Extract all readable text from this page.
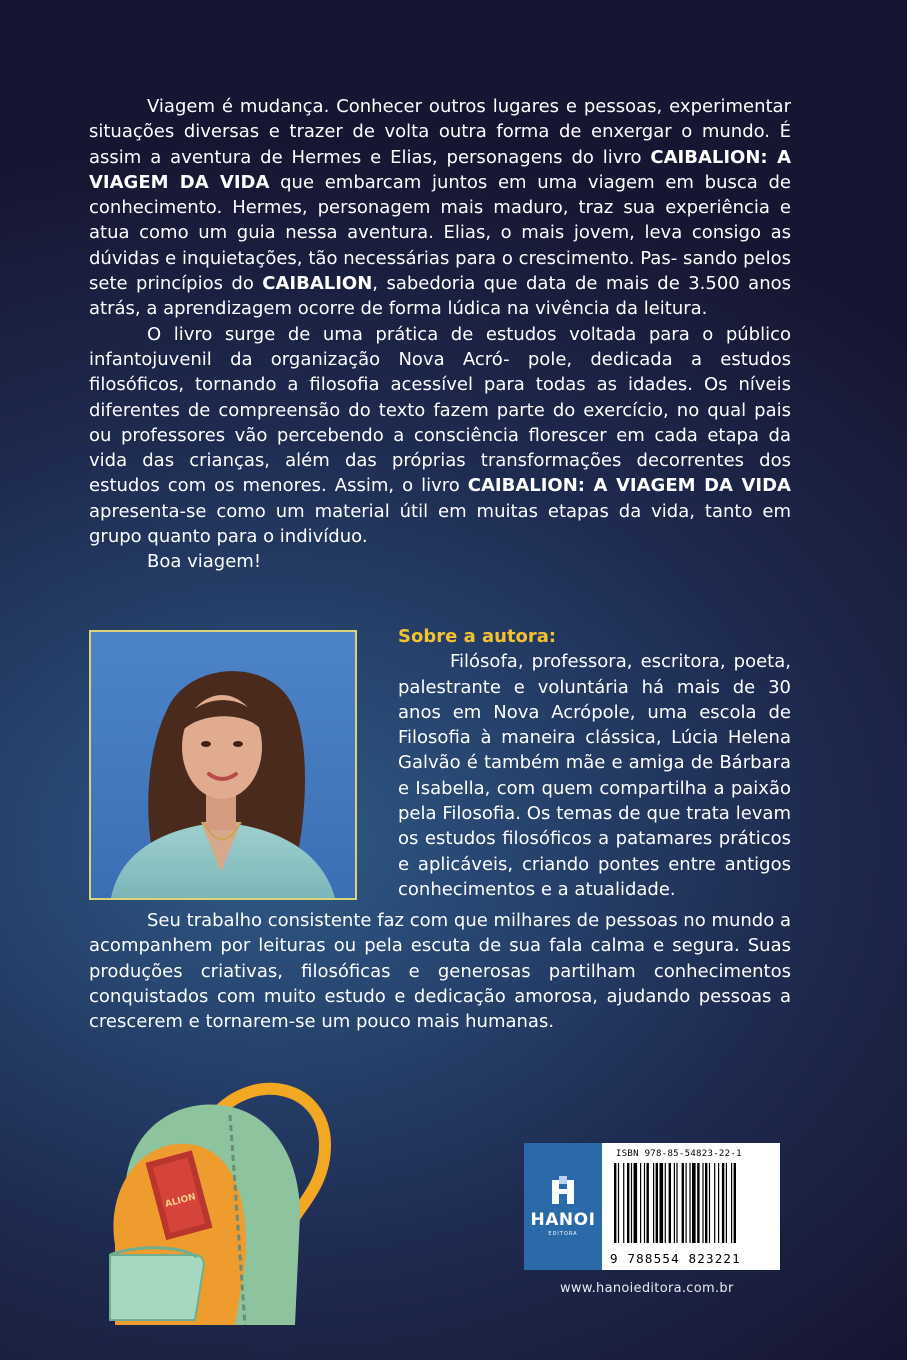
Viagem é mudança. Conhecer outros lugares e pessoas, experimentar situações diversas e trazer de volta outra forma de enxergar o mundo. É assim a aventura de Hermes e Elias, personagens do livro CAIBALION: A VIAGEM DA VIDA que embarcam juntos em uma viagem em busca de conhecimento. Hermes, personagem mais maduro, traz sua experiência e atua como um guia nessa aventura. Elias, o mais jovem, leva consigo as dúvidas e inquietações, tão necessárias para o crescimento. Pas- sando pelos sete princípios do CAIBALION, sabedoria que data de mais de 3.500 anos atrás, a aprendizagem ocorre de forma lúdica na vivência da leitura.

O livro surge de uma prática de estudos voltada para o público infantojuvenil da organização Nova Acró- pole, dedicada a estudos filosóficos, tornando a filosofia acessível para todas as idades. Os níveis diferentes de compreensão do texto fazem parte do exercício, no qual pais ou professores vão percebendo a consciência florescer em cada etapa da vida das crianças, além das próprias transformações decorrentes dos estudos com os menores. Assim, o livro CAIBALION: A VIAGEM DA VIDA apresenta-se como um material útil em muitas etapas da vida, tanto em grupo quanto para o indivíduo.

Boa viagem!

Sobre a autora:

Filósofa, professora, escritora, poeta, palestrante e voluntária há mais de 30 anos em Nova Acrópole, uma escola de Filosofia à maneira clássica, Lúcia Helena Galvão é também mãe e amiga de Bárbara e Isabella, com quem compartilha a paixão pela Filosofia. Os temas de que trata levam os estudos filosóficos a patamares práticos e aplicáveis, criando pontes entre antigos conhecimentos e a atualidade.

Seu trabalho consistente faz com que milhares de pessoas no mundo a acompanhem por leituras ou pela escuta de sua fala calma e segura. Suas produções criativas, filosóficas e generosas partilham conhecimentos conquistados com muito estudo e dedicação amorosa, ajudando pessoas a crescerem e tornarem-se um pouco mais humanas.

ALION
HANOI
EDITORA
ISBN 978-85-54823-22-1
9 788554 823221
www.hanoieditora.com.br
